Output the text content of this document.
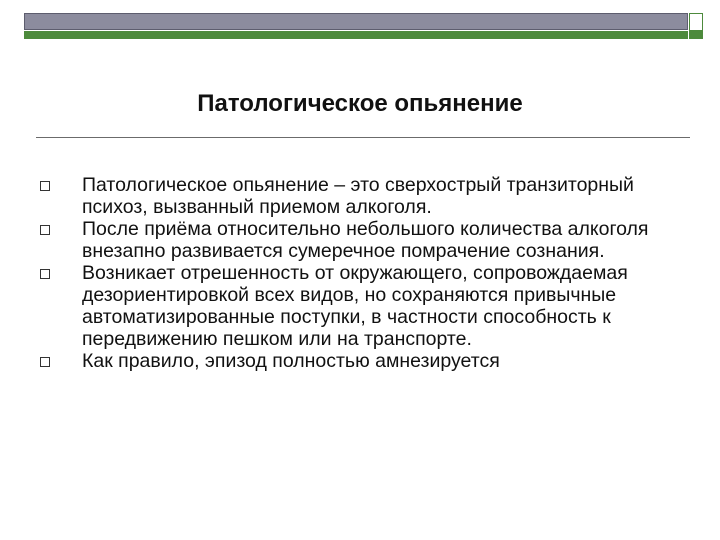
Патологическое опьянение
Патологическое опьянение – это сверхострый транзиторный психоз, вызванный приемом алкоголя.
После приёма относительно небольшого количества алкоголя внезапно развивается сумеречное помрачение сознания.
Возникает отрешенность от окружающего, сопровождаемая дезориентировкой всех видов, но сохраняются привычные автоматизированные поступки, в частности способность к передвижению пешком или на транспорте.
Как правило, эпизод полностью амнезируется
